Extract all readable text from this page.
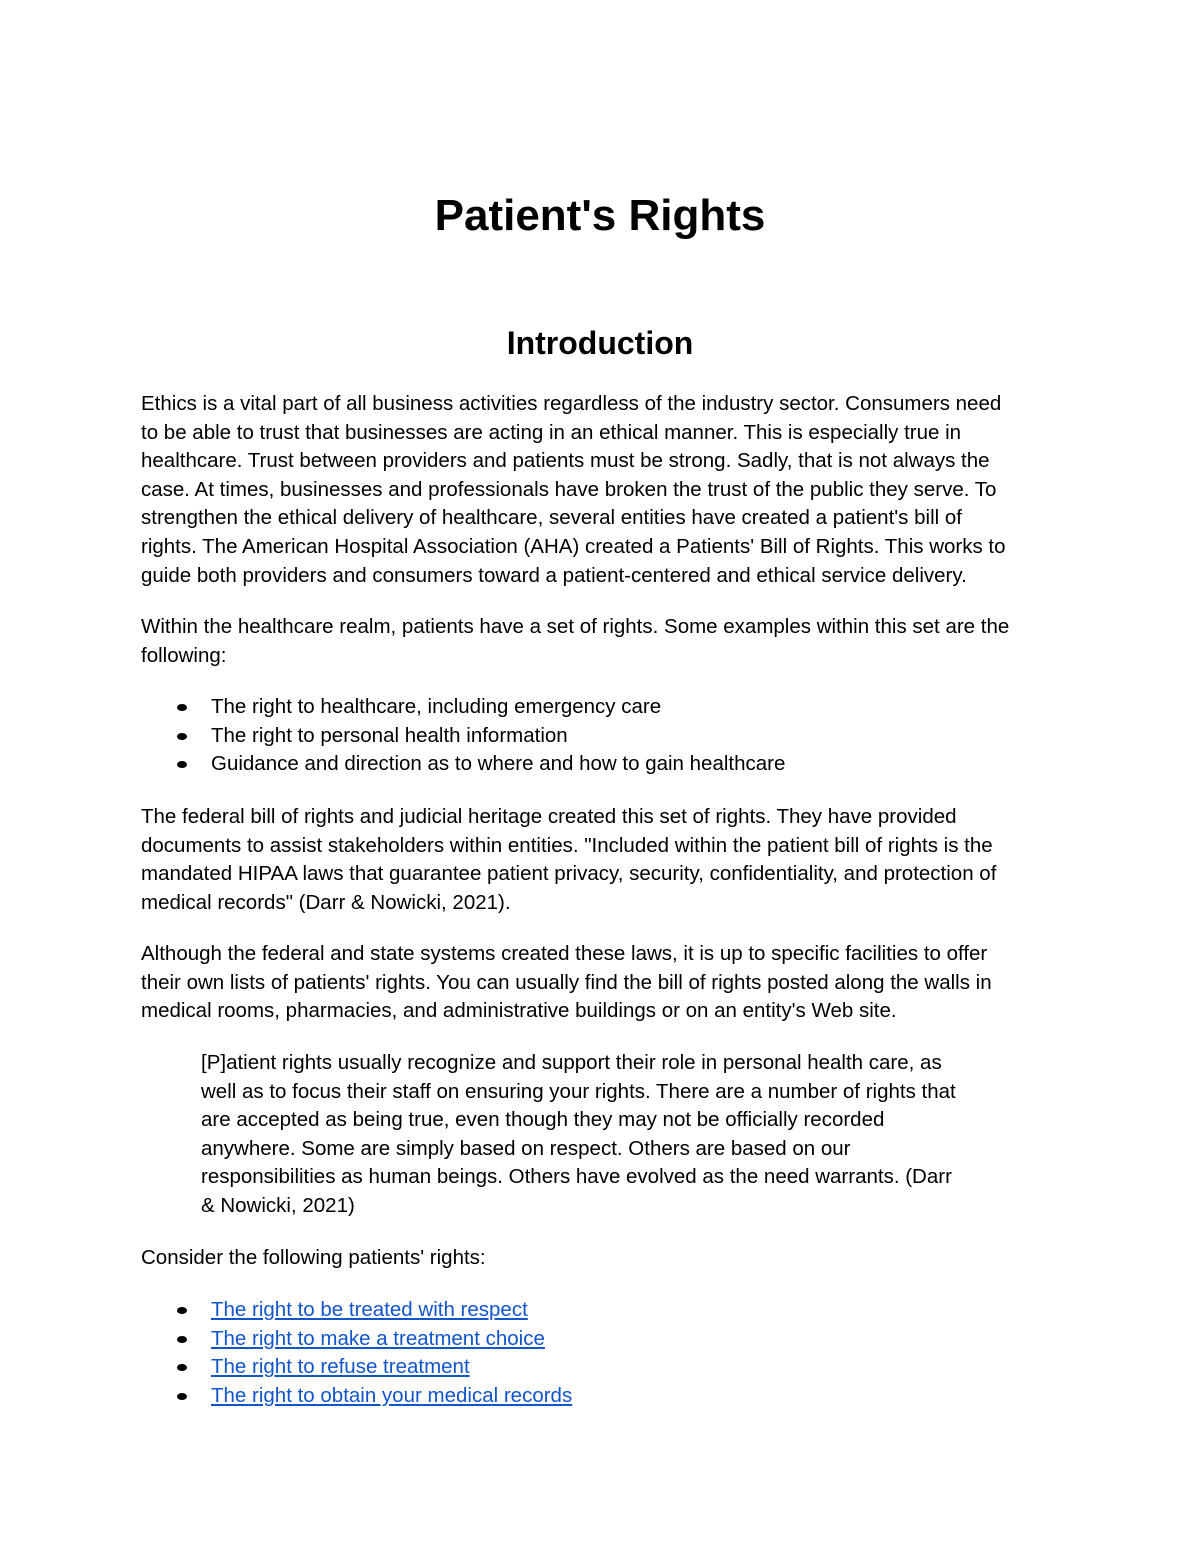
Patient's Rights
Introduction

Ethics is a vital part of all business activities regardless of the industry sector. Consumers need
to be able to trust that businesses are acting in an ethical manner. This is especially true in
healthcare. Trust between providers and patients must be strong. Sadly, that is not always the
case. At times, businesses and professionals have broken the trust of the public they serve. To
strengthen the ethical delivery of healthcare, several entities have created a patient's bill of
rights. The American Hospital Association (AHA) created a Patients' Bill of Rights. This works to
guide both providers and consumers toward a patient-centered and ethical service delivery.

Within the healthcare realm, patients have a set of rights. Some examples within this set are the
following:

The right to healthcare, including emergency care
The right to personal health information
Guidance and direction as to where and how to gain healthcare

The federal bill of rights and judicial heritage created this set of rights. They have provided
documents to assist stakeholders within entities. "Included within the patient bill of rights is the
mandated HIPAA laws that guarantee patient privacy, security, confidentiality, and protection of
medical records" (Darr & Nowicki, 2021).

Although the federal and state systems created these laws, it is up to specific facilities to offer
their own lists of patients' rights. You can usually find the bill of rights posted along the walls in
medical rooms, pharmacies, and administrative buildings or on an entity's Web site.

[P]atient rights usually recognize and support their role in personal health care, as
well as to focus their staff on ensuring your rights. There are a number of rights that
are accepted as being true, even though they may not be officially recorded
anywhere. Some are simply based on respect. Others are based on our
responsibilities as human beings. Others have evolved as the need warrants. (Darr
& Nowicki, 2021)

Consider the following patients' rights:

The right to be treated with respect
The right to make a treatment choice
The right to refuse treatment
The right to obtain your medical records
